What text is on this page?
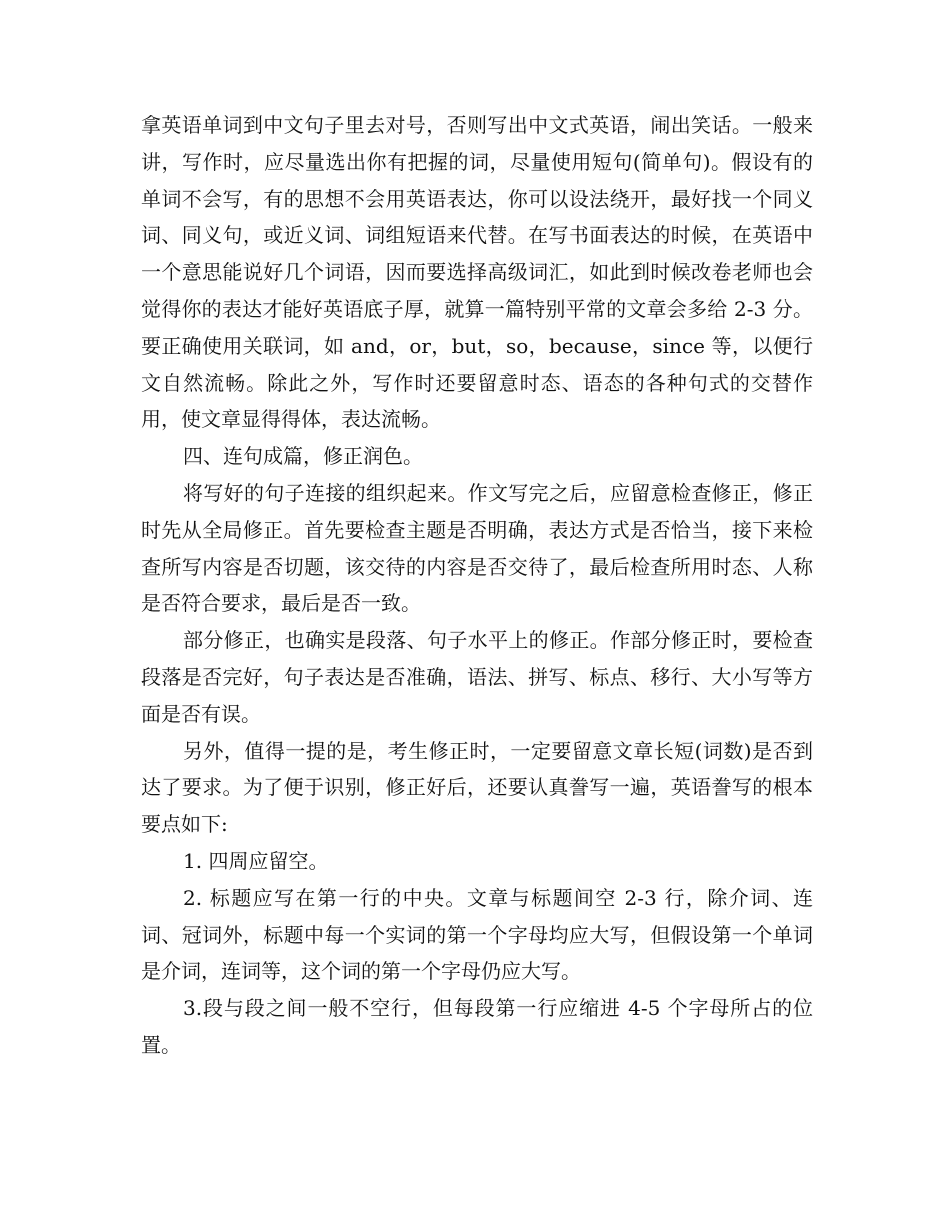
拿英语单词到中文句子里去对号，否则写出中文式英语，闹出笑话。一般来讲，写作时，应尽量选出你有把握的词，尽量使用短句(简单句)。假设有的单词不会写，有的思想不会用英语表达，你可以设法绕开，最好找一个同义词、同义句，或近义词、词组短语来代替。在写书面表达的时候，在英语中一个意思能说好几个词语，因而要选择高级词汇，如此到时候改卷老师也会觉得你的表达才能好英语底子厚，就算一篇特别平常的文章会多给 2-3 分。要正确使用关联词，如 and，or，but，so，because，since 等，以便行文自然流畅。除此之外，写作时还要留意时态、语态的各种句式的交替作用，使文章显得得体，表达流畅。

四、连句成篇，修正润色。

将写好的句子连接的组织起来。作文写完之后，应留意检查修正，修正时先从全局修正。首先要检查主题是否明确，表达方式是否恰当，接下来检查所写内容是否切题，该交待的内容是否交待了，最后检查所用时态、人称是否符合要求，最后是否一致。

部分修正，也确实是段落、句子水平上的修正。作部分修正时，要检查段落是否完好，句子表达是否准确，语法、拼写、标点、移行、大小写等方面是否有误。

另外，值得一提的是，考生修正时，一定要留意文章长短(词数)是否到达了要求。为了便于识别，修正好后，还要认真誊写一遍，英语誊写的根本要点如下:

1. 四周应留空。

2. 标题应写在第一行的中央。文章与标题间空 2-3 行，除介词、连词、冠词外，标题中每一个实词的第一个字母均应大写，但假设第一个单词是介词，连词等，这个词的第一个字母仍应大写。

3.段与段之间一般不空行，但每段第一行应缩进 4-5 个字母所占的位置。
